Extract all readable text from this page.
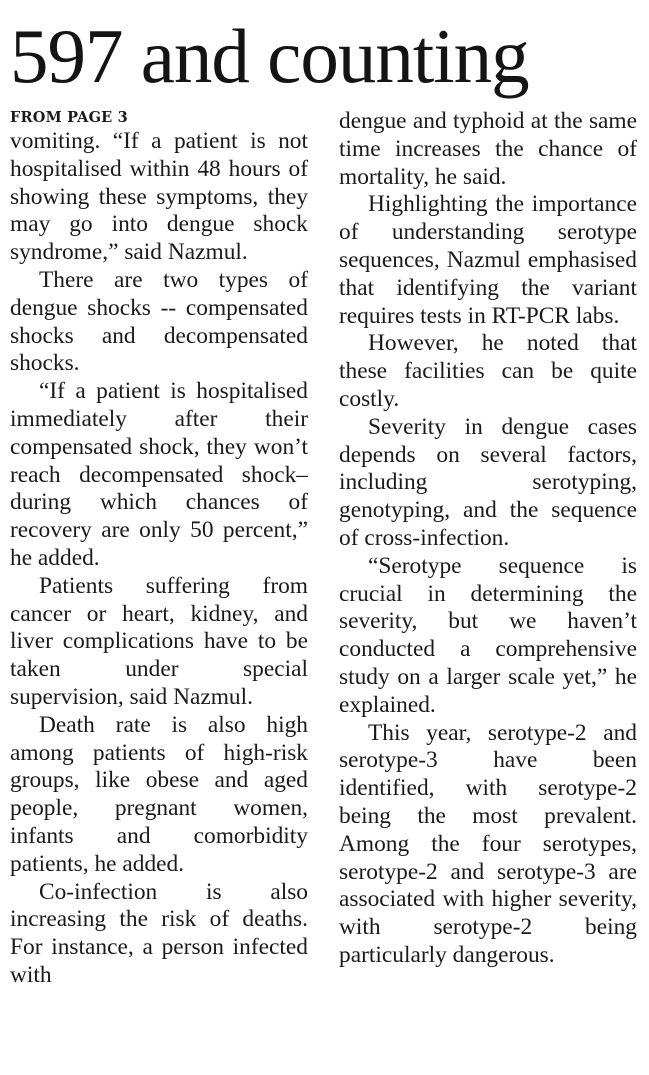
597 and counting

FROM PAGE 3

vomiting. “If a patient is not hospitalised within 48 hours of showing these symptoms, they may go into dengue shock syndrome,” said Nazmul.

There are two types of dengue shocks -- compensated shocks and decompensated shocks.

“If a patient is hospitalised immediately after their compensated shock, they won’t reach decompensated shock– during which chances of recovery are only 50 percent,” he added.

Patients suffering from cancer or heart, kidney, and liver complications have to be taken under special supervision, said Nazmul.

Death rate is also high among patients of high-risk groups, like obese and aged people, pregnant women, infants and comorbidity patients, he added.

Co-infection is also increasing the risk of deaths. For instance, a person infected with

dengue and typhoid at the same time increases the chance of mortality, he said.

Highlighting the importance of understanding serotype sequences, Nazmul emphasised that identifying the variant requires tests in RT-PCR labs.

However, he noted that these facilities can be quite costly.

Severity in dengue cases depends on several factors, including serotyping, genotyping, and the sequence of cross-infection.

“Serotype sequence is crucial in determining the severity, but we haven’t conducted a comprehensive study on a larger scale yet,” he explained.

This year, serotype-2 and serotype-3 have been identified, with serotype-2 being the most prevalent. Among the four serotypes, serotype-2 and serotype-3 are associated with higher severity, with serotype-2 being particularly dangerous.
